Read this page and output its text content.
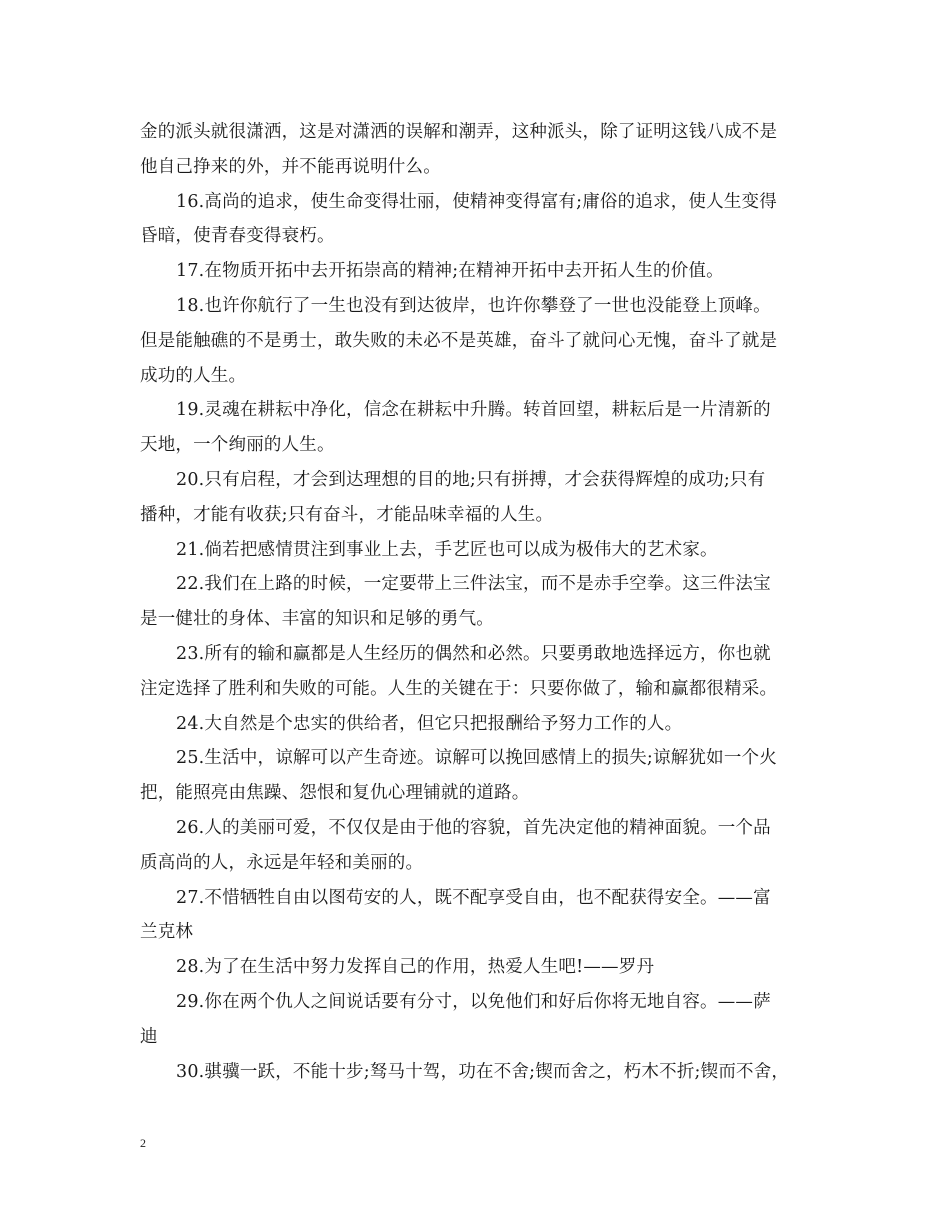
金的派头就很潇洒，这是对潇洒的误解和潮弄，这种派头，除了证明这钱八成不是
他自己挣来的外，并不能再说明什么。
16.高尚的追求，使生命变得壮丽，使精神变得富有;庸俗的追求，使人生变得
昏暗，使青春变得衰朽。
17.在物质开拓中去开拓崇高的精神;在精神开拓中去开拓人生的价值。
18.也许你航行了一生也没有到达彼岸，也许你攀登了一世也没能登上顶峰。
但是能触礁的不是勇士，敢失败的未必不是英雄，奋斗了就问心无愧，奋斗了就是
成功的人生。
19.灵魂在耕耘中净化，信念在耕耘中升腾。转首回望，耕耘后是一片清新的
天地，一个绚丽的人生。
20.只有启程，才会到达理想的目的地;只有拼搏，才会获得辉煌的成功;只有
播种，才能有收获;只有奋斗，才能品味幸福的人生。
21.倘若把感情贯注到事业上去，手艺匠也可以成为极伟大的艺术家。
22.我们在上路的时候，一定要带上三件法宝，而不是赤手空拳。这三件法宝
是一健壮的身体、丰富的知识和足够的勇气。
23.所有的输和赢都是人生经历的偶然和必然。只要勇敢地选择远方，你也就
注定选择了胜利和失败的可能。人生的关键在于：只要你做了，输和赢都很精采。
24.大自然是个忠实的供给者，但它只把报酬给予努力工作的人。
25.生活中，谅解可以产生奇迹。谅解可以挽回感情上的损失;谅解犹如一个火
把，能照亮由焦躁、怨恨和复仇心理铺就的道路。
26.人的美丽可爱，不仅仅是由于他的容貌，首先决定他的精神面貌。一个品
质高尚的人，永远是年轻和美丽的。
27.不惜牺牲自由以图苟安的人，既不配享受自由，也不配获得安全。——富
兰克林
28.为了在生活中努力发挥自己的作用，热爱人生吧!——罗丹
29.你在两个仇人之间说话要有分寸，以免他们和好后你将无地自容。——萨
迪
30.骐骥一跃，不能十步;驽马十驾，功在不舍;锲而舍之，朽木不折;锲而不舍，
2
